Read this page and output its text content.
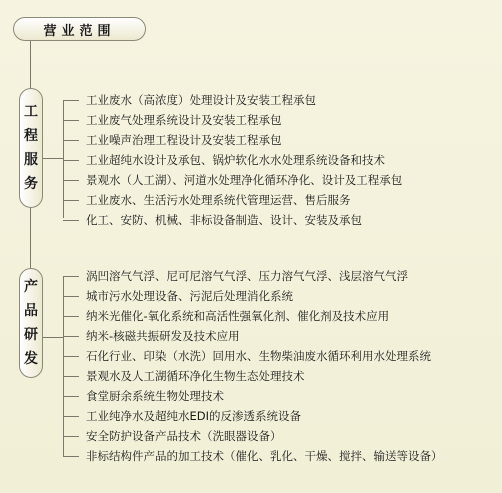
营业范围
工
程
服
务
工业废水（高浓度）处理设计及安装工程承包
工业废气处理系统设计及安装工程承包
工业噪声治理工程设计及安装工程承包
工业超纯水设计及承包、锅炉软化水水处理系统设备和技术
景观水（人工湖）、河道水处理净化循环净化、设计及工程承包
工业废水、生活污水处理系统代管理运营、售后服务
化工、安防、机械、非标设备制造、设计、安装及承包
产
品
研
发
涡凹溶气气浮、尼可尼溶气气浮、压力溶气气浮、浅层溶气气浮
城市污水处理设备、污泥后处理消化系统
纳米光催化-氧化系统和高活性强氧化剂、催化剂及技术应用
纳米-核磁共振研发及技术应用
石化行业、印染（水洗）回用水、生物柴油废水循环利用水处理系统
景观水及人工湖循环净化生物生态处理技术
食堂厨余系统生物处理技术
工业纯净水及超纯水EDI的反渗透系统设备
安全防护设备产品技术（洗眼器设备）
非标结构件产品的加工技术（催化、乳化、干燥、搅拌、输送等设备）
